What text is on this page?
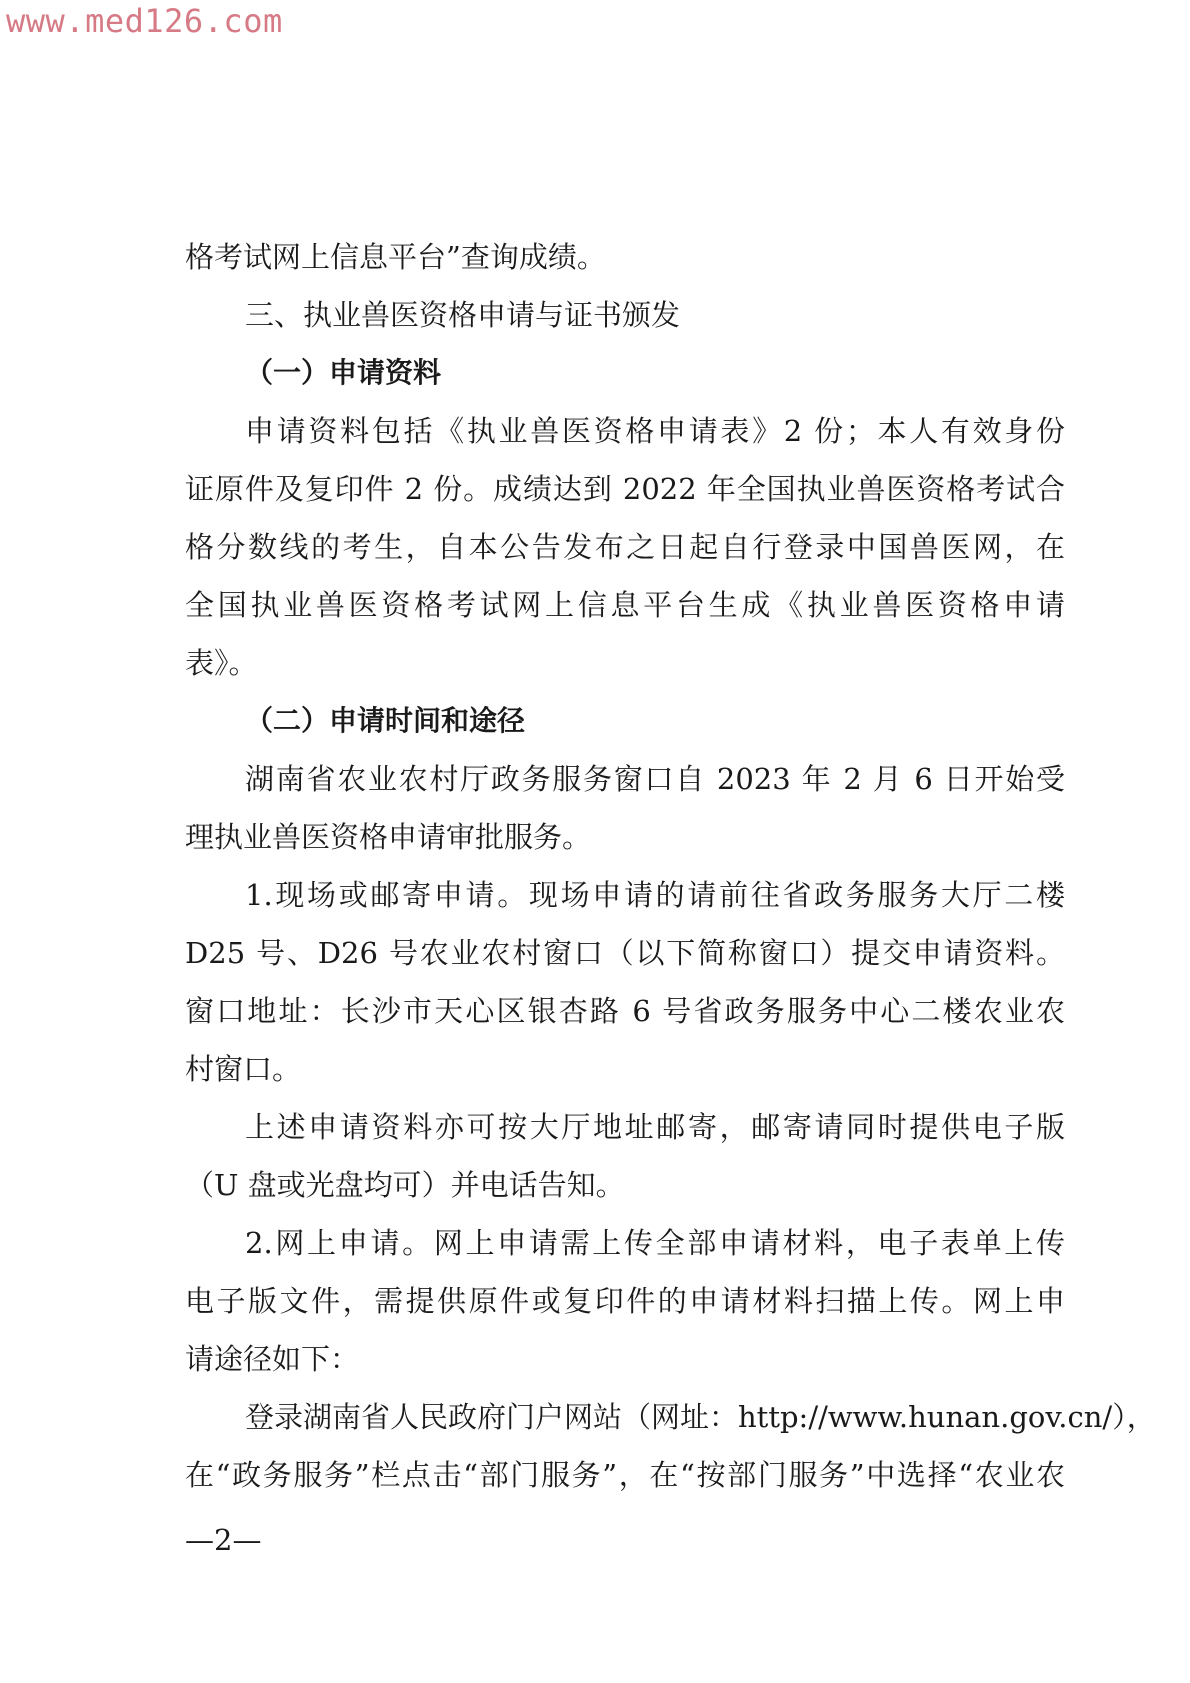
www.med126.com
格考试网上信息平台”查询成绩。
三、执业兽医资格申请与证书颁发
（一）申请资料
申请资料包括《执业兽医资格申请表》2 份；本人有效身份
证原件及复印件 2 份。成绩达到 2022 年全国执业兽医资格考试合
格分数线的考生，自本公告发布之日起自行登录中国兽医网，在
全国执业兽医资格考试网上信息平台生成《执业兽医资格申请
表》。
（二）申请时间和途径
湖南省农业农村厅政务服务窗口自 2023 年 2 月 6 日开始受
理执业兽医资格申请审批服务。
1.现场或邮寄申请。现场申请的请前往省政务服务大厅二楼
D25 号、D26 号农业农村窗口（以下简称窗口）提交申请资料。
窗口地址：长沙市天心区银杏路 6 号省政务服务中心二楼农业农
村窗口。
上述申请资料亦可按大厅地址邮寄，邮寄请同时提供电子版
（U 盘或光盘均可）并电话告知。
2.网上申请。网上申请需上传全部申请材料，电子表单上传
电子版文件，需提供原件或复印件的申请材料扫描上传。网上申
请途径如下：
登录湖南省人民政府门户网站（网址：http://www.hunan.gov.cn/），
在“政务服务”栏点击“部门服务”，在“按部门服务”中选择“农业农
—2—
